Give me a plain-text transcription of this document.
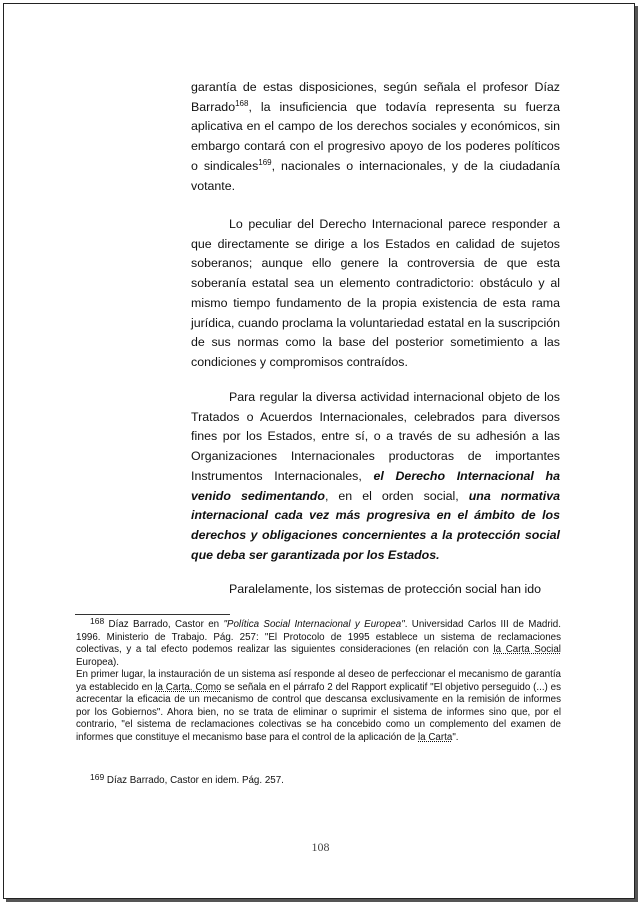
garantía de estas disposiciones, según señala el profesor Díaz Barrado$^{168}$, la insuficiencia que todavía representa su fuerza aplicativa en el campo de los derechos sociales y económicos, sin embargo contará con el progresivo apoyo de los poderes políticos o sindicales$^{169}$, nacionales o internacionales, y de la ciudadanía votante.

Lo peculiar del Derecho Internacional parece responder a que directamente se dirige a los Estados en calidad de sujetos soberanos; aunque ello genere la controversia de que esta soberanía estatal sea un elemento contradictorio: obstáculo y al mismo tiempo fundamento de la propia existencia de esta rama jurídica, cuando proclama la voluntariedad estatal en la suscripción de sus normas como la base del posterior sometimiento a las condiciones y compromisos contraídos.

Para regular la diversa actividad internacional objeto de los Tratados o Acuerdos Internacionales, celebrados para diversos fines por los Estados, entre sí, o a través de su adhesión a las Organizaciones Internacionales productoras de importantes Instrumentos Internacionales, el Derecho Internacional ha venido sedimentando, en el orden social, una normativa internacional cada vez más progresiva en el ámbito de los derechos y obligaciones concernientes a la protección social que deba ser garantizada por los Estados.

Paralelamente, los sistemas de protección social han ido

168 Díaz Barrado, Castor en "Política Social Internacional y Europea". Universidad Carlos III de Madrid. 1996. Ministerio de Trabajo. Pág. 257: "El Protocolo de 1995 establece un sistema de reclamaciones colectivas, y a tal efecto podemos realizar las siguientes consideraciones (en relación con la Carta Social Europea).

En primer lugar, la instauración de un sistema así responde al deseo de perfeccionar el mecanismo de garantía ya establecido en la Carta. Como se señala en el párrafo 2 del Rapport explicatif "El objetivo perseguido (...) es acrecentar la eficacia de un mecanismo de control que descansa exclusivamente en la remisión de informes por los Gobiernos". Ahora bien, no se trata de eliminar o suprimir el sistema de informes sino que, por el contrario, "el sistema de reclamaciones colectivas se ha concebido como un complemento del examen de informes que constituye el mecanismo base para el control de la aplicación de la Carta".

169 Díaz Barrado, Castor en idem. Pág. 257.

108
